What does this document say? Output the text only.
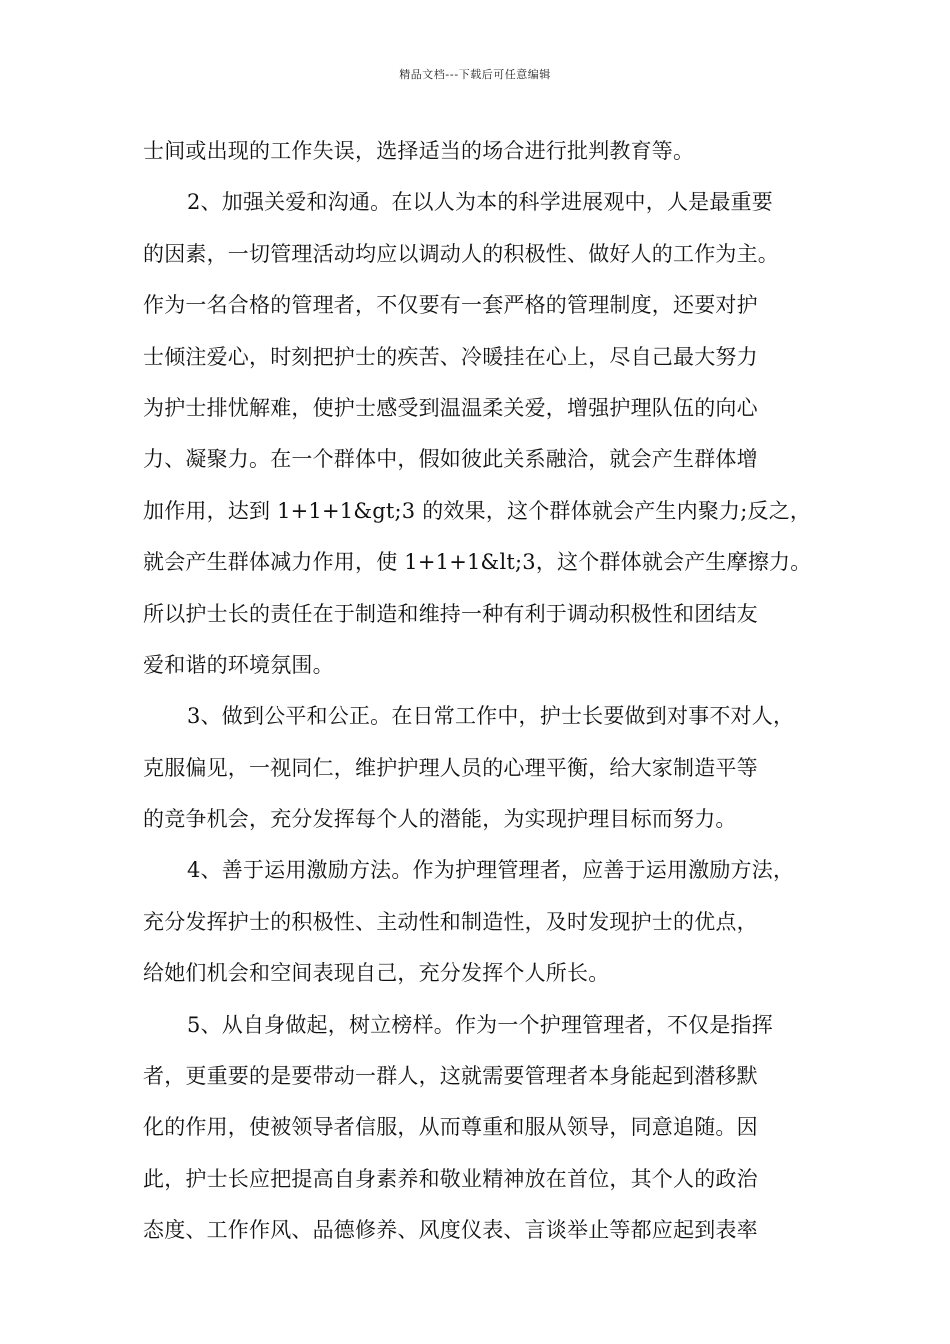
精品文档---下载后可任意编辑
士间或出现的工作失误，选择适当的场合进行批判教育等。
2、加强关爱和沟通。在以人为本的科学进展观中，人是最重要
的因素，一切管理活动均应以调动人的积极性、做好人的工作为主。
作为一名合格的管理者，不仅要有一套严格的管理制度，还要对护
士倾注爱心，时刻把护士的疾苦、冷暖挂在心上，尽自己最大努力
为护士排忧解难，使护士感受到温温柔关爱，增强护理队伍的向心
力、凝聚力。在一个群体中，假如彼此关系融洽，就会产生群体增
加作用，达到 1+1+1&gt;3 的效果，这个群体就会产生内聚力;反之，
就会产生群体减力作用，使 1+1+1&lt;3，这个群体就会产生摩擦力。
所以护士长的责任在于制造和维持一种有利于调动积极性和团结友
爱和谐的环境氛围。
3、做到公平和公正。在日常工作中，护士长要做到对事不对人，
克服偏见，一视同仁，维护护理人员的心理平衡，给大家制造平等
的竞争机会，充分发挥每个人的潜能，为实现护理目标而努力。
4、善于运用激励方法。作为护理管理者，应善于运用激励方法，
充分发挥护士的积极性、主动性和制造性，及时发现护士的优点，
给她们机会和空间表现自己，充分发挥个人所长。
5、从自身做起，树立榜样。作为一个护理管理者，不仅是指挥
者，更重要的是要带动一群人，这就需要管理者本身能起到潜移默
化的作用，使被领导者信服，从而尊重和服从领导，同意追随。因
此，护士长应把提高自身素养和敬业精神放在首位，其个人的政治
态度、工作作风、品德修养、风度仪表、言谈举止等都应起到表率
